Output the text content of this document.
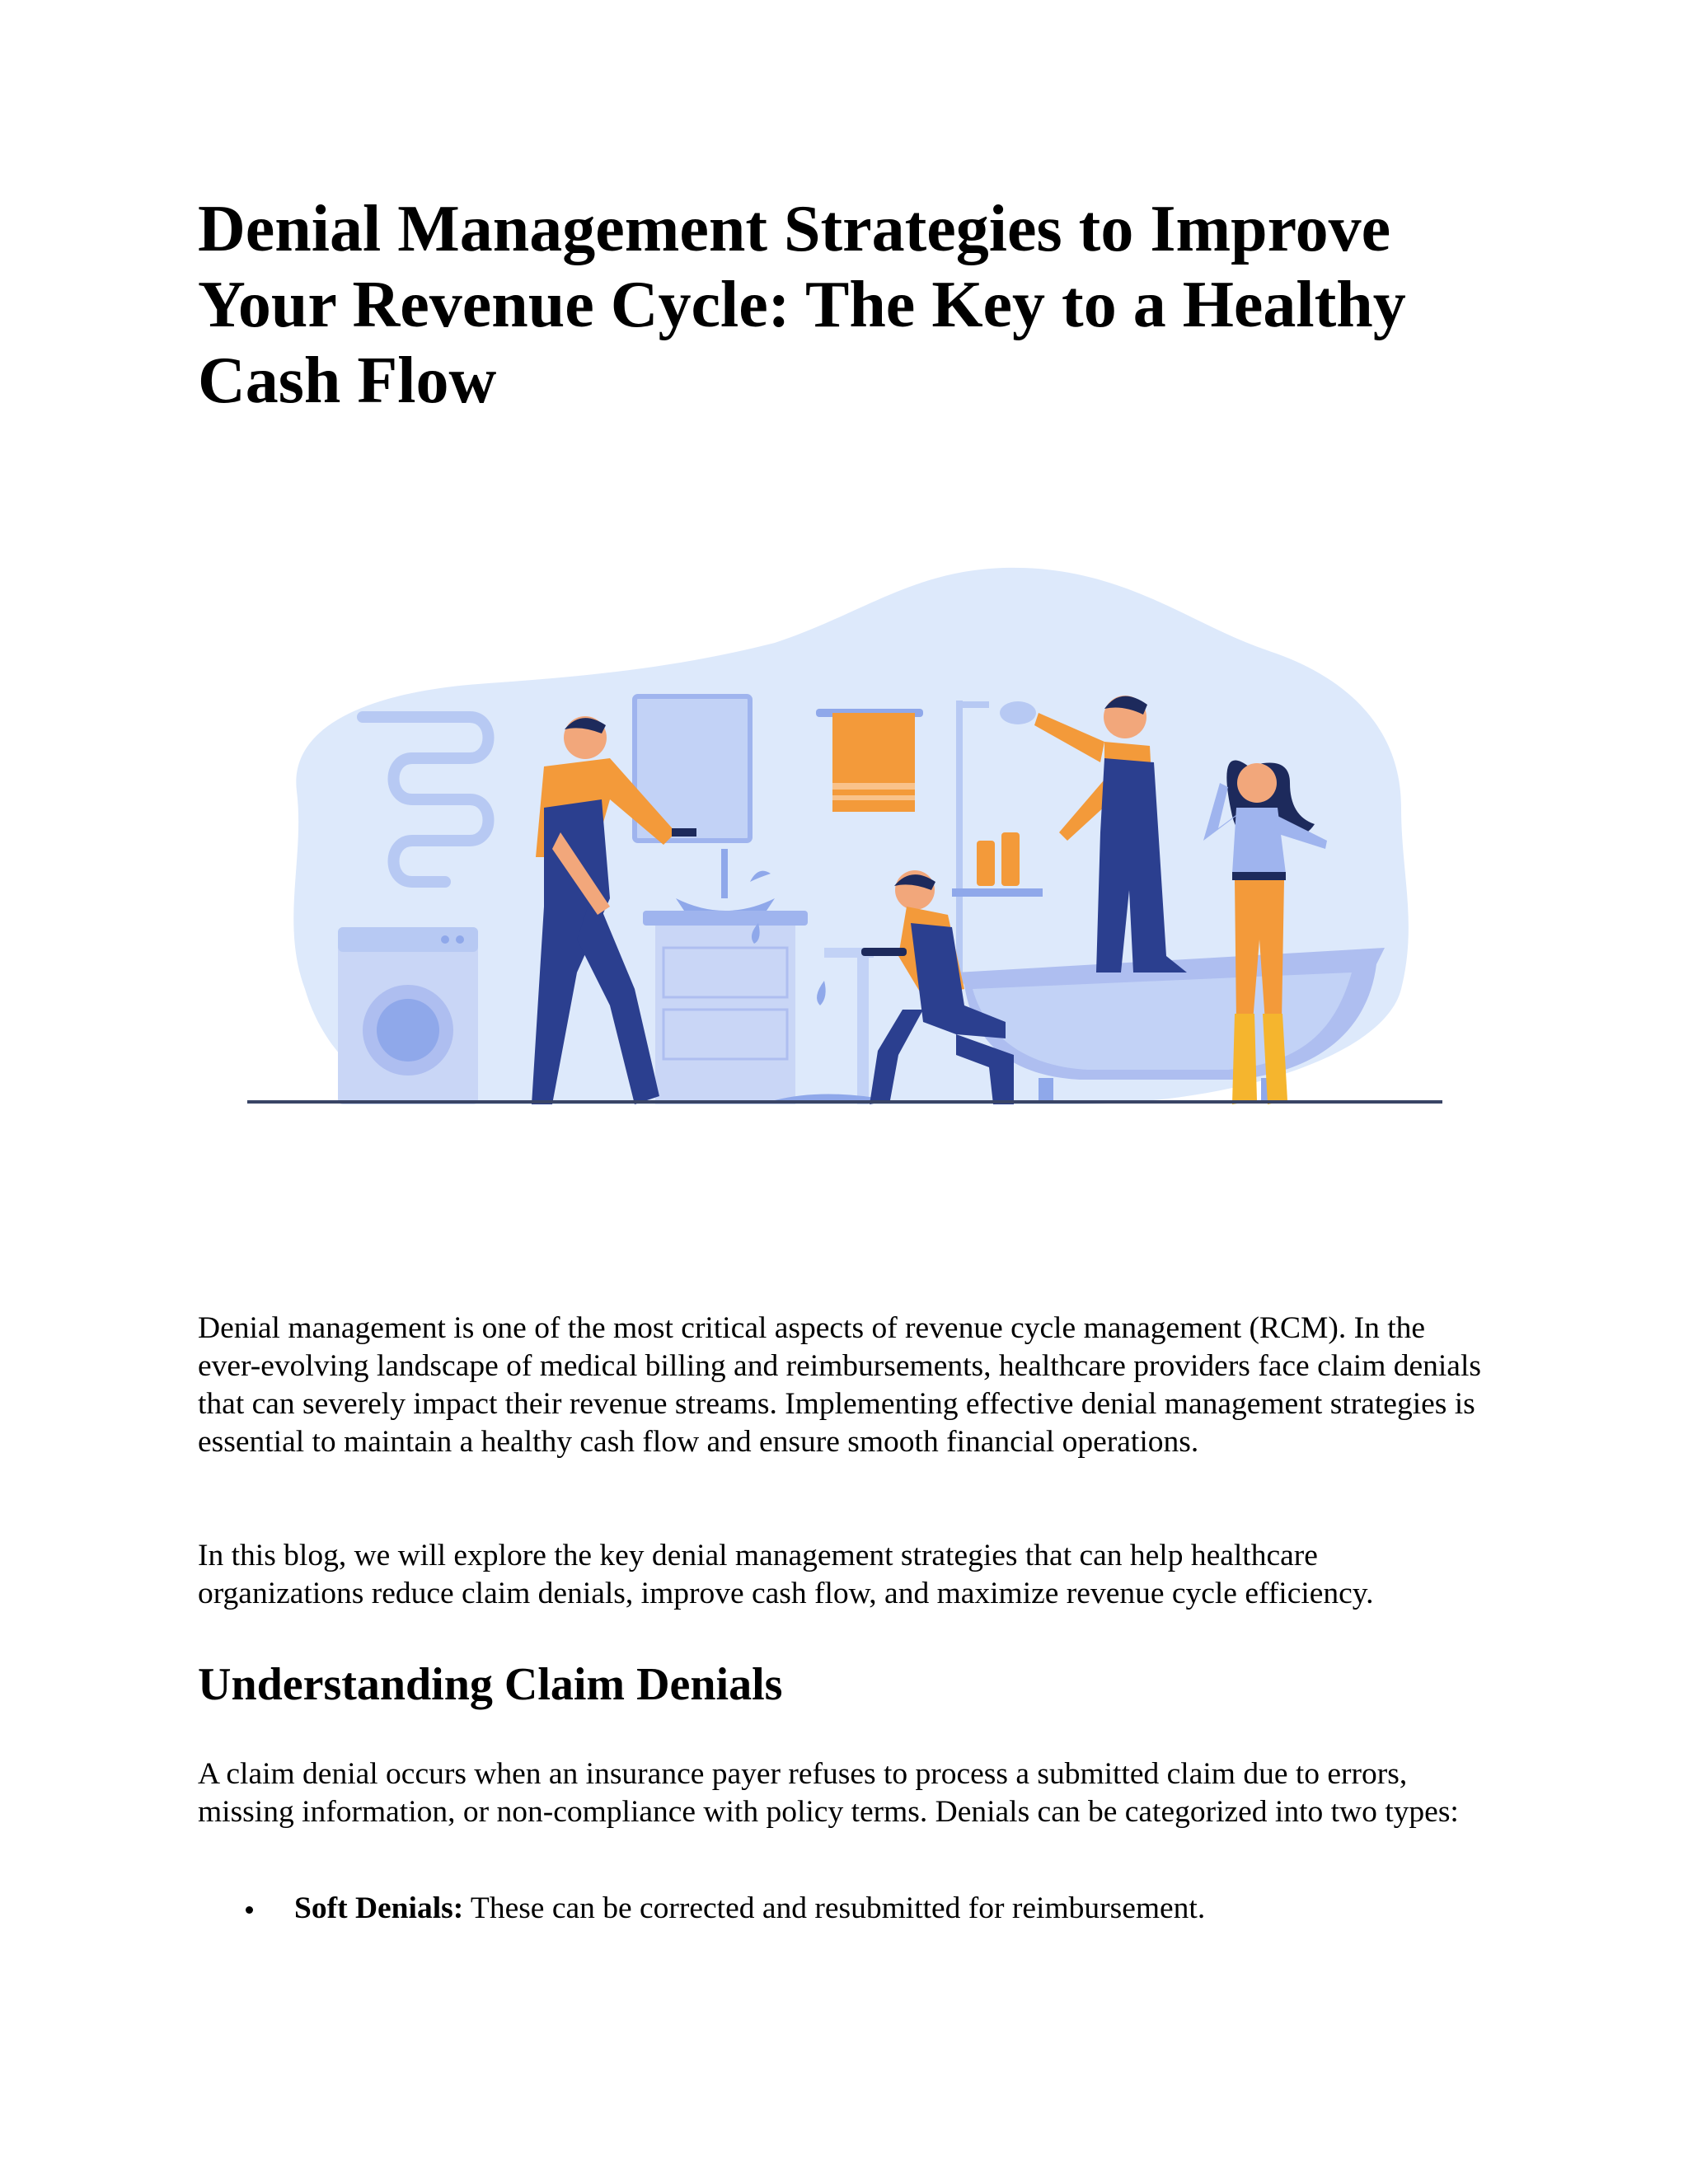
Denial Management Strategies to Improve Your Revenue Cycle: The Key to a Healthy Cash Flow

Denial management is one of the most critical aspects of revenue cycle management (RCM). In the ever-evolving landscape of medical billing and reimbursements, healthcare providers face claim denials that can severely impact their revenue streams. Implementing effective denial management strategies is essential to maintain a healthy cash flow and ensure smooth financial operations.

In this blog, we will explore the key denial management strategies that can help healthcare organizations reduce claim denials, improve cash flow, and maximize revenue cycle efficiency.

Understanding Claim Denials

A claim denial occurs when an insurance payer refuses to process a submitted claim due to errors, missing information, or non-compliance with policy terms. Denials can be categorized into two types:

Soft Denials: These can be corrected and resubmitted for reimbursement.
